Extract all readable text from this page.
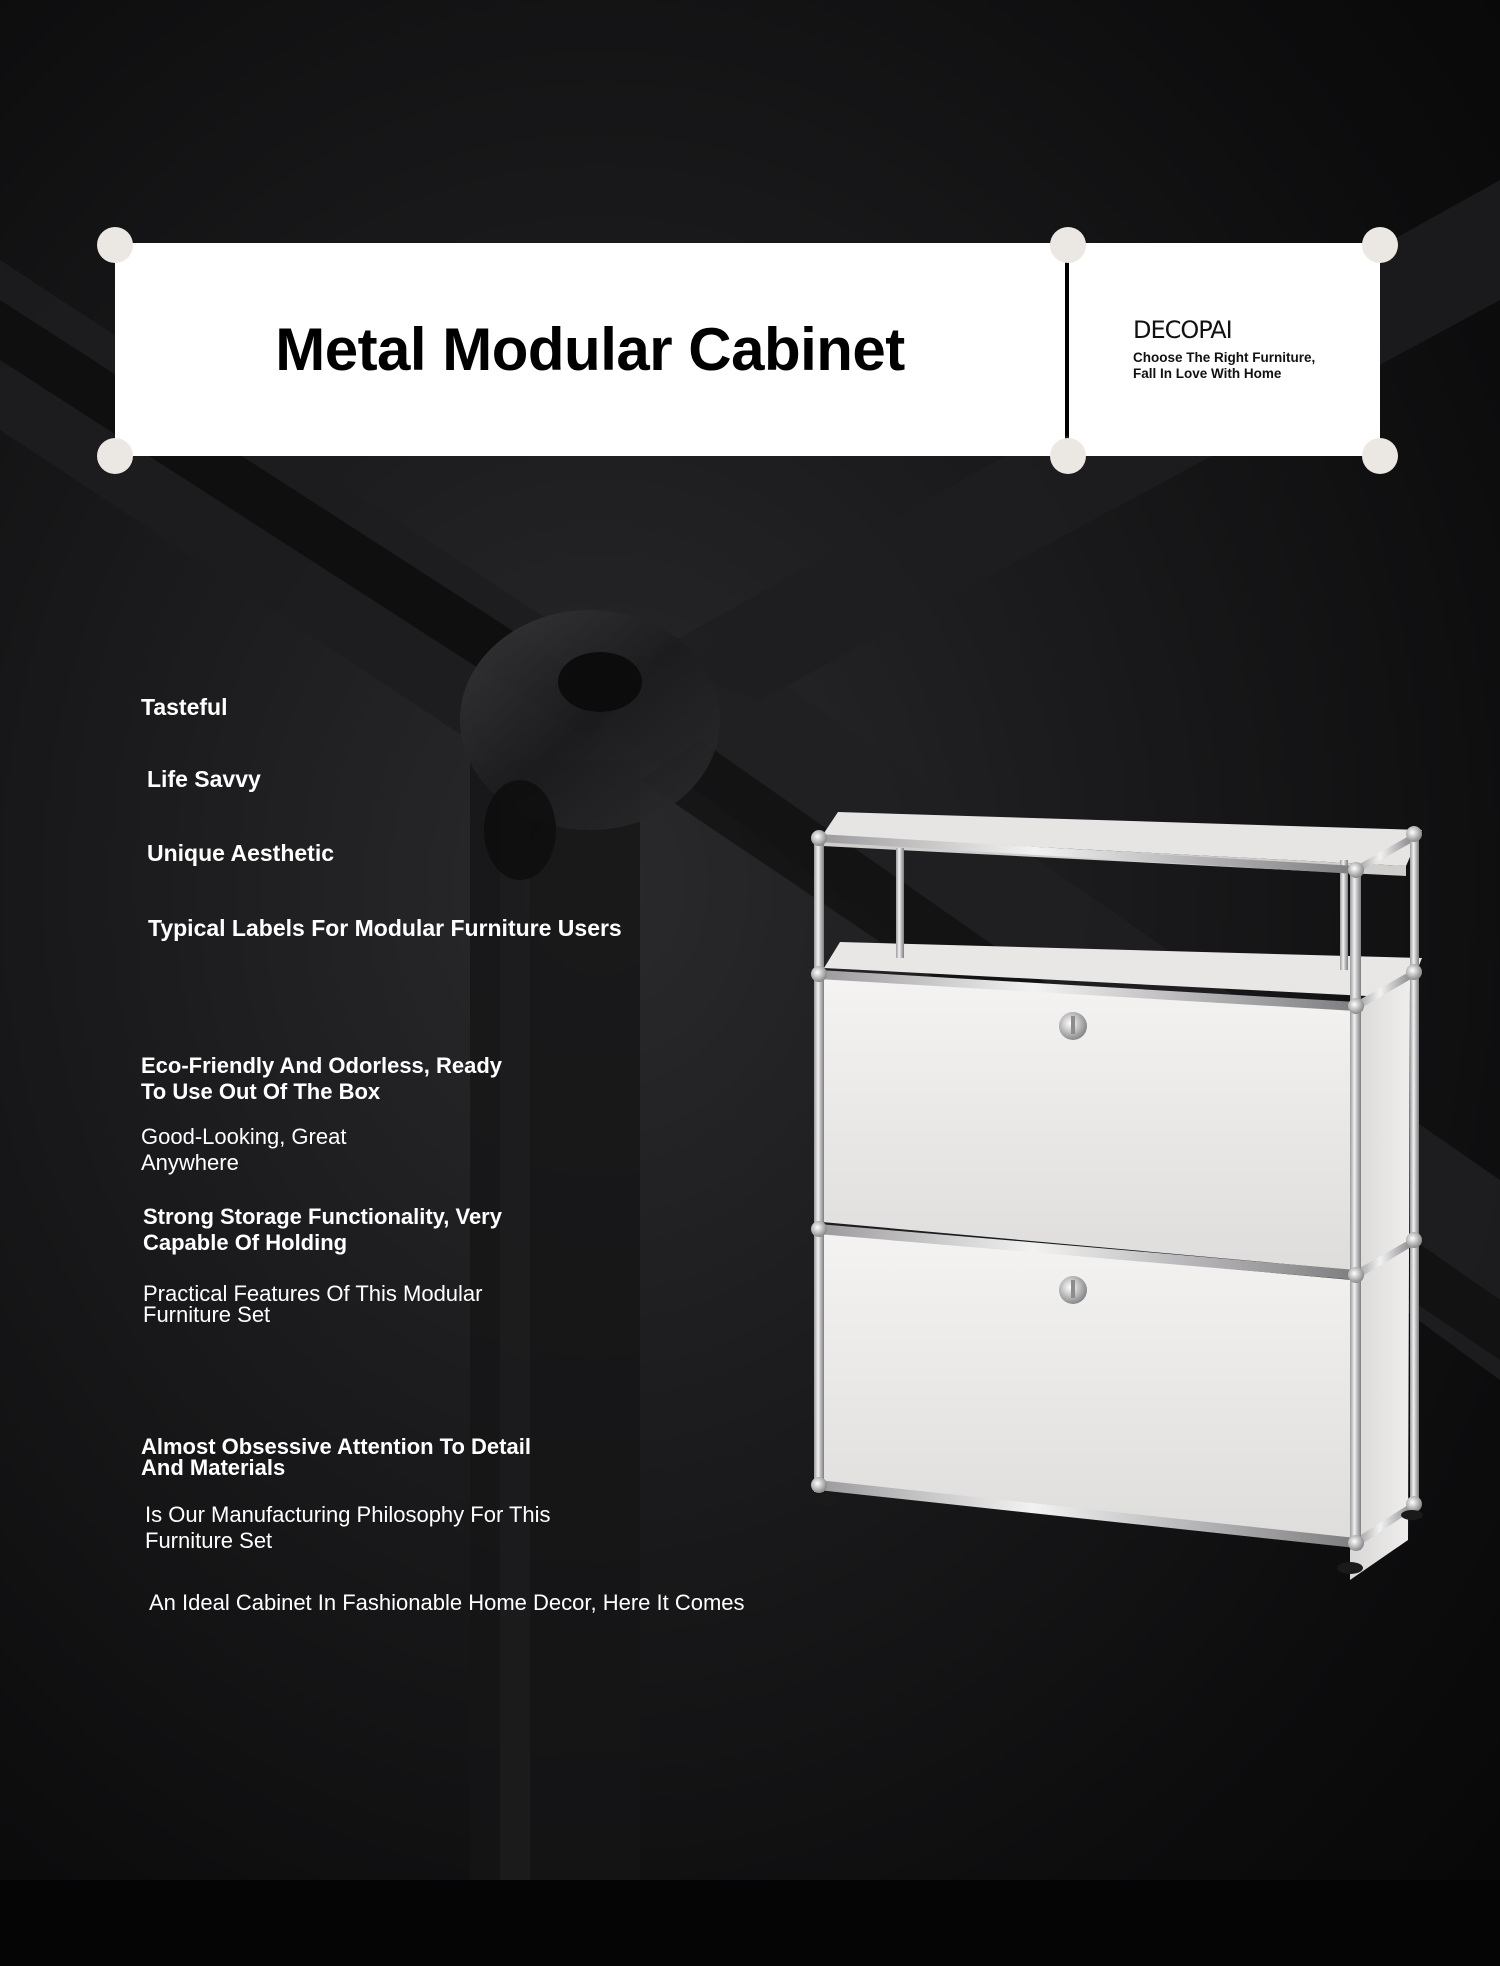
Metal Modular Cabinet	DECOPAI
Choose The Right Furniture,
Fall In Love With Home
Tasteful
Life Savvy
Unique Aesthetic
Typical Labels For Modular Furniture Users
Eco-Friendly And Odorless, Ready
To Use Out Of The Box
Good-Looking, Great
Anywhere
Strong Storage Functionality, Very
Capable Of Holding
Practical Features Of This Modular
Furniture Set
Almost Obsessive Attention To Detail
And Materials
Is Our Manufacturing Philosophy For This
Furniture Set
An Ideal Cabinet In Fashionable Home Decor, Here It Comes
